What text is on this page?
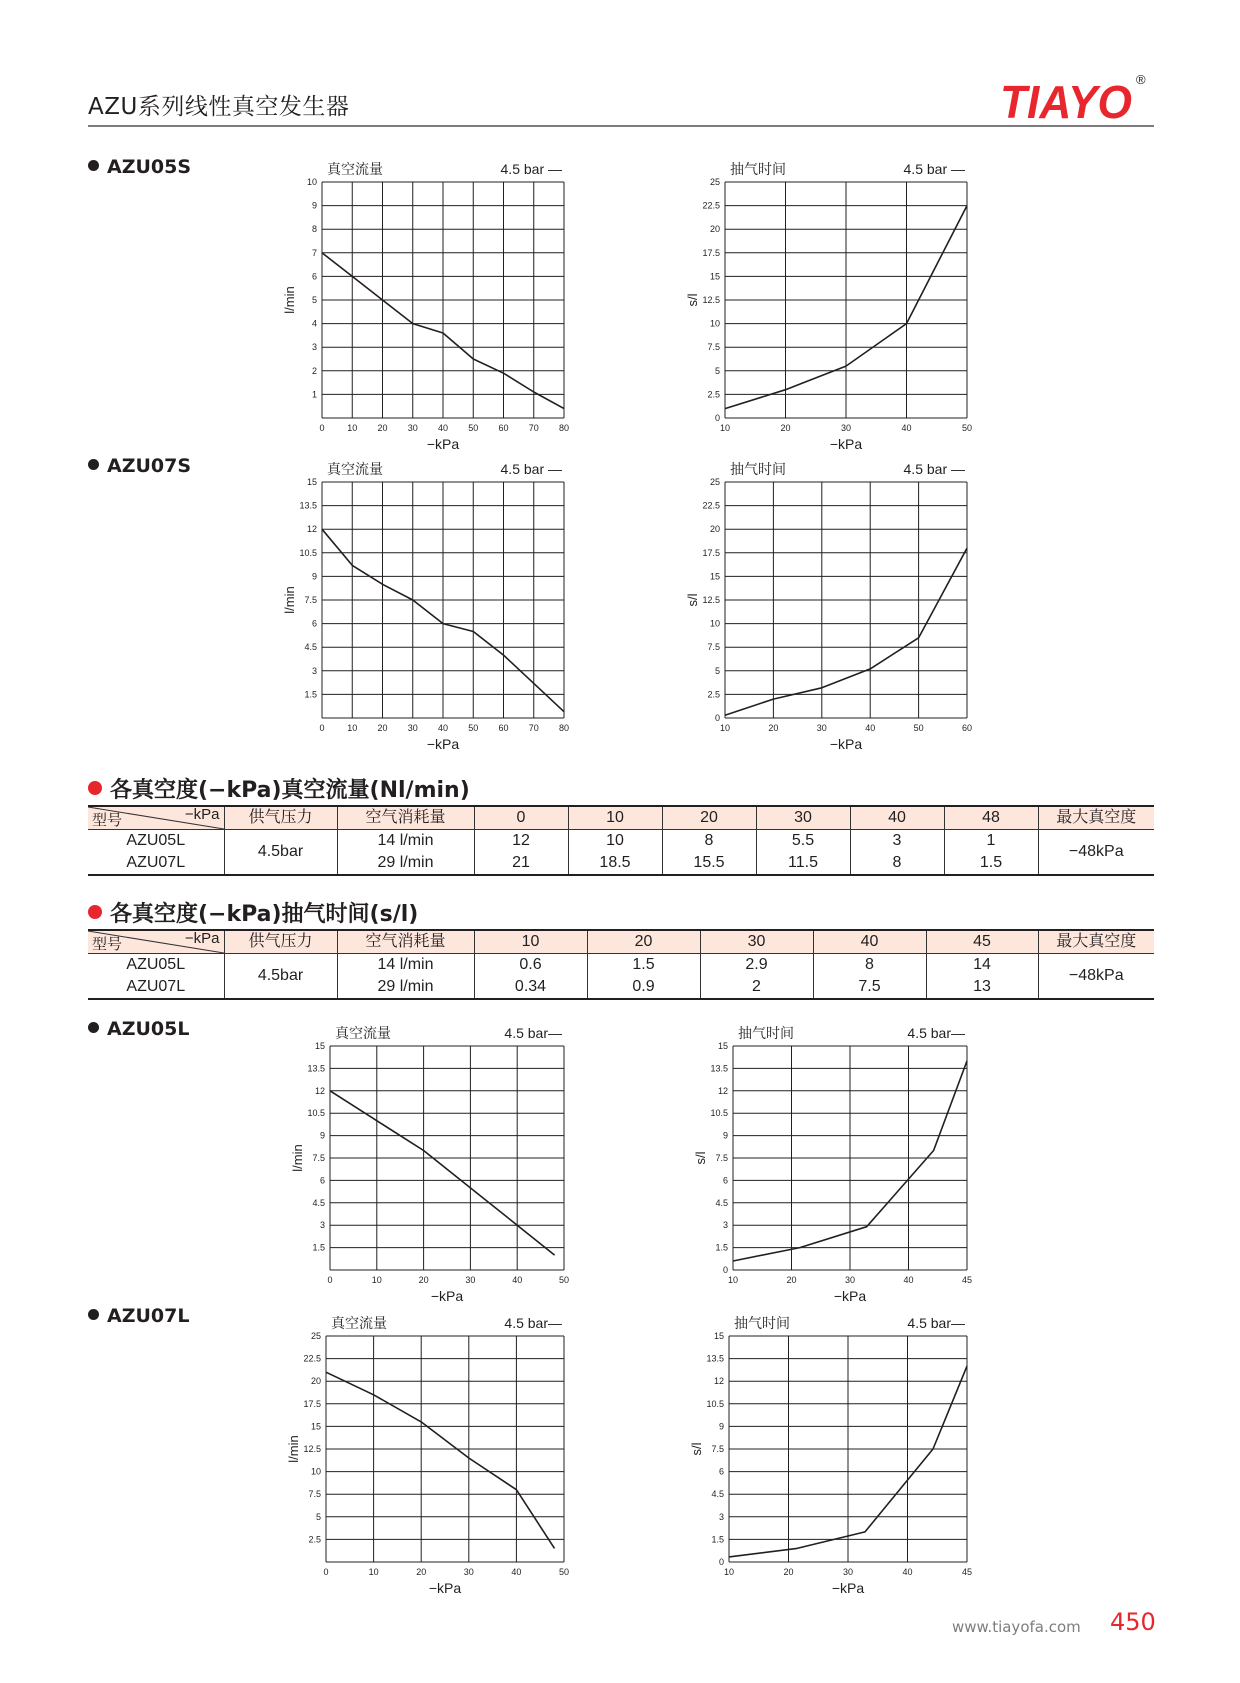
AZU系列线性真空发生器	TIAYO ®
AZU05S
AZU07S
AZU05L
AZU07L
1
2
3
4
5
6
7
8
9
10
0	10 20 30 40 50 60 70 80
真空流量	4.5 bar —
−kPa
l/min
0
2.5
5
7.5
10
12.5
15
17.5
20
22.5
25
10	20	30	40	50
抽气时间	4.5 bar —
−kPa
s/l
1.5
3
4.5
6
7.5
9
10.5
12
13.5
15
0	10 20 30 40 50 60 70 80
真空流量	4.5 bar —
−kPa
l/min
0
2.5
5
7.5
10
12.5
15
17.5
20
22.5
25
10	20	30	40	50	60
抽气时间	4.5 bar —
−kPa
s/l
1.5
3
4.5
6
7.5
9
10.5
12
13.5
15
0	10	20	30	40	50
真空流量	4.5 bar—
−kPa
l/min
0
1.5
3
4.5
6
7.5
9
10.5
12
13.5
15
10	20	30	40	45
抽气时间	4.5 bar—
−kPa
s/l
2.5
5
7.5
10
12.5
15
17.5
20
22.5
25
0	10	20	30	40	50
真空流量	4.5 bar—
−kPa
l/min
0
1.5
3
4.5
6
7.5
9
10.5
12
13.5
15
10	20	30	40	45
抽气时间	4.5 bar—
−kPa
s/l
各真空度(−kPa)真空流量(Nl/min)
型号 −kPa	供气压力	空气消耗量	0	10	20	30	40	48	最大真空度
AZU05L	4.5bar	14 l/min	12	10	8	5.5	3	1	−48kPa
AZU07L		29 l/min	21	18.5	15.5	11.5	8	1.5	
各真空度(−kPa)抽气时间(s/l)
型号 −kPa	供气压力	空气消耗量	10	20	30	40	45	最大真空度
AZU05L	4.5bar	14 l/min	0.6	1.5	2.9	8	14	−48kPa
AZU07L		29 l/min	0.34	0.9	2	7.5	13	
www.tiayofa.com 450
